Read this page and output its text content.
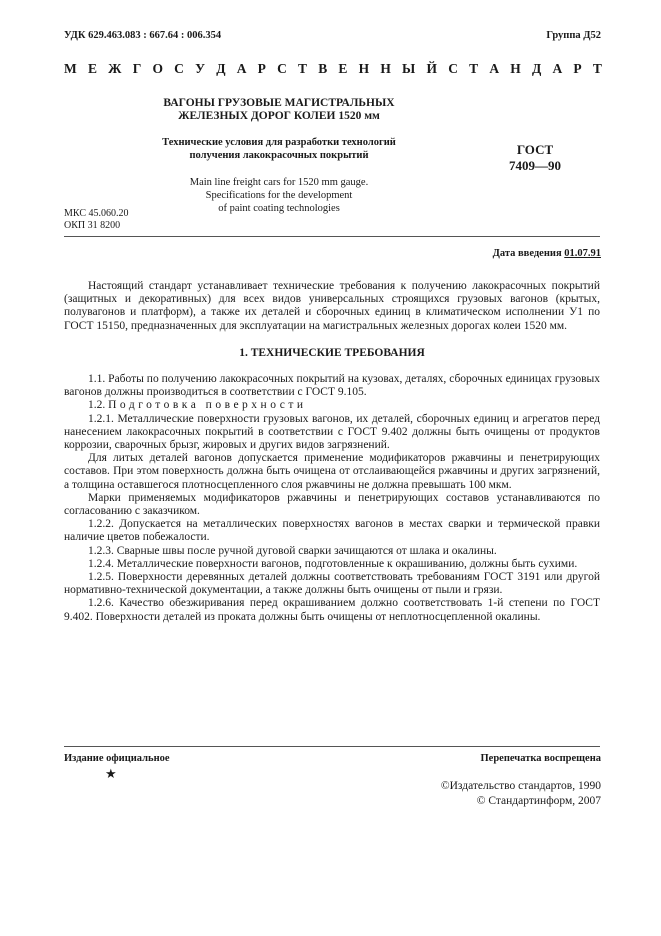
УДК 629.463.083 : 667.64 : 006.354	Группа Д52
М Е Ж Г О С У Д А Р С Т В Е Н Н Ы Й С Т А Н Д А Р Т
ВАГОНЫ ГРУЗОВЫЕ МАГИСТРАЛЬНЫХ
ЖЕЛЕЗНЫХ ДОРОГ КОЛЕИ 1520 мм
Технические условия для разработки технологий
получения лакокрасочных покрытий
Main line freight cars for 1520 mm gauge.
Specifications for the development
of paint coating technologies
ГОСТ
7409—90
МКС 45.060.20
ОКП 31 8200
Дата введения 01.07.91

Настоящий стандарт устанавливает технические требования к получению лакокрасочных покрытий (защитных и декоративных) для всех видов универсальных строящихся грузовых вагонов (крытых, полувагонов и платформ), а также их деталей и сборочных единиц в климатическом исполнении У1 по ГОСТ 15150, предназначенных для эксплуатации на магистральных железных дорогах колеи 1520 мм.

1. ТЕХНИЧЕСКИЕ ТРЕБОВАНИЯ

1.1. Работы по получению лакокрасочных покрытий на кузовах, деталях, сборочных единицах грузовых вагонов должны производиться в соответствии с ГОСТ 9.105.

1.2. Подготовка поверхности

1.2.1. Металлические поверхности грузовых вагонов, их деталей, сборочных единиц и агрегатов перед нанесением лакокрасочных покрытий в соответствии с ГОСТ 9.402 должны быть очищены от продуктов коррозии, сварочных брызг, жировых и других видов загрязнений.

Для литых деталей вагонов допускается применение модификаторов ржавчины и пенетрирующих составов. При этом поверхность должна быть очищена от отслаивающейся ржавчины и других загрязнений, а толщина оставшегося плотносцепленного слоя ржавчины не должна превышать 100 мкм.

Марки применяемых модификаторов ржавчины и пенетрирующих составов устанавливаются по согласованию с заказчиком.

1.2.2. Допускается на металлических поверхностях вагонов в местах сварки и термической правки наличие цветов побежалости.

1.2.3. Сварные швы после ручной дуговой сварки зачищаются от шлака и окалины.

1.2.4. Металлические поверхности вагонов, подготовленные к окрашиванию, должны быть сухими.

1.2.5. Поверхности деревянных деталей должны соответствовать требованиям ГОСТ 3191 или другой нормативно-технической документации, а также должны быть очищены от пыли и грязи.

1.2.6. Качество обезжиривания перед окрашиванием должно соответствовать 1-й степени по ГОСТ 9.402. Поверхности деталей из проката должны быть очищены от неплотносцепленной окалины.

Издание официальное
★
Перепечатка воспрещена
©Издательство стандартов, 1990
© Стандартинформ, 2007
